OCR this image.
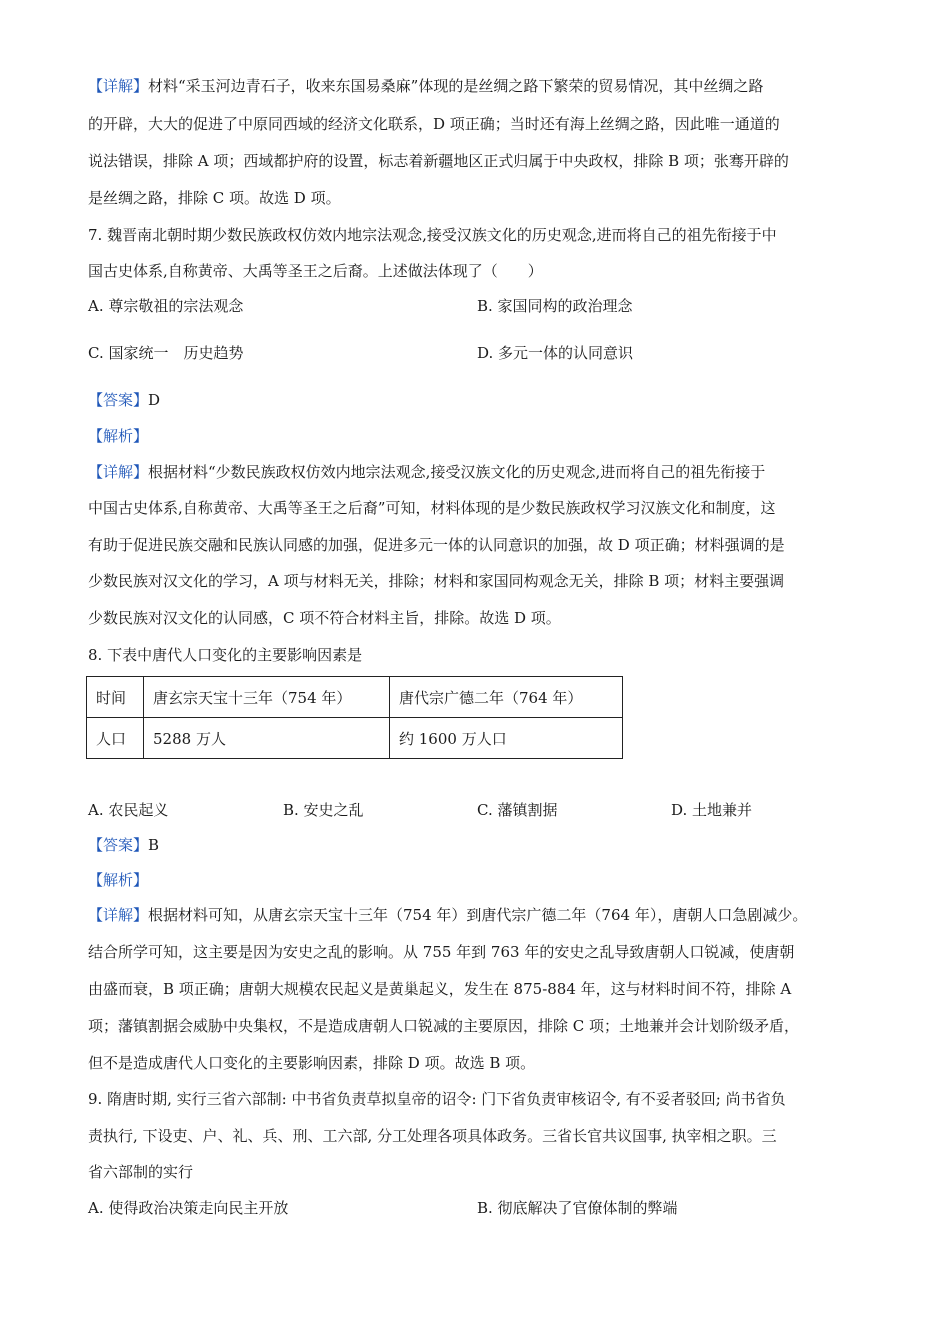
【详解】材料“采玉河边青石子，收来东国易桑麻”体现的是丝绸之路下繁荣的贸易情况，其中丝绸之路
的开辟，大大的促进了中原同西域的经济文化联系，D 项正确；当时还有海上丝绸之路，因此唯一通道的
说法错误，排除 A 项；西域都护府的设置，标志着新疆地区正式归属于中央政权，排除 B 项；张骞开辟的
是丝绸之路，排除 C 项。故选 D 项。
7. 魏晋南北朝时期少数民族政权仿效内地宗法观念,接受汉族文化的历史观念,进而将自己的祖先衔接于中
国古史体系,自称黄帝、大禹等圣王之后裔。上述做法体现了（　　）
A. 尊宗敬祖的宗法观念	B. 家国同构的政治理念
C. 国家统一　历史趋势	D. 多元一体的认同意识
【答案】D
【解析】
【详解】根据材料“少数民族政权仿效内地宗法观念,接受汉族文化的历史观念,进而将自己的祖先衔接于
中国古史体系,自称黄帝、大禹等圣王之后裔”可知，材料体现的是少数民族政权学习汉族文化和制度，这
有助于促进民族交融和民族认同感的加强，促进多元一体的认同意识的加强，故 D 项正确；材料强调的是
少数民族对汉文化的学习，A 项与材料无关，排除；材料和家国同构观念无关，排除 B 项；材料主要强调
少数民族对汉文化的认同感，C 项不符合材料主旨，排除。故选 D 项。
8. 下表中唐代人口变化的主要影响因素是
时间	唐玄宗天宝十三年（754 年）	唐代宗广德二年（764 年）
人口	5288 万人	约 1600 万人口
A. 农民起义	B. 安史之乱	C. 藩镇割据	D. 土地兼并
【答案】B
【解析】
【详解】根据材料可知，从唐玄宗天宝十三年（754 年）到唐代宗广德二年（764 年），唐朝人口急剧减少。
结合所学可知，这主要是因为安史之乱的影响。从 755 年到 763 年的安史之乱导致唐朝人口锐减，使唐朝
由盛而衰，B 项正确；唐朝大规模农民起义是黄巢起义，发生在 875-884 年，这与材料时间不符，排除 A
项；藩镇割据会威胁中央集权，不是造成唐朝人口锐减的主要原因，排除 C 项；土地兼并会计划阶级矛盾，
但不是造成唐代人口变化的主要影响因素，排除 D 项。故选 B 项。
9. 隋唐时期, 实行三省六部制: 中书省负责草拟皇帝的诏令: 门下省负责审核诏令, 有不妥者驳回; 尚书省负
责执行, 下设吏、户、礼、兵、刑、工六部, 分工处理各项具体政务。三省长官共议国事, 执宰相之职。三
省六部制的实行
A. 使得政治决策走向民主开放	B. 彻底解决了官僚体制的弊端
